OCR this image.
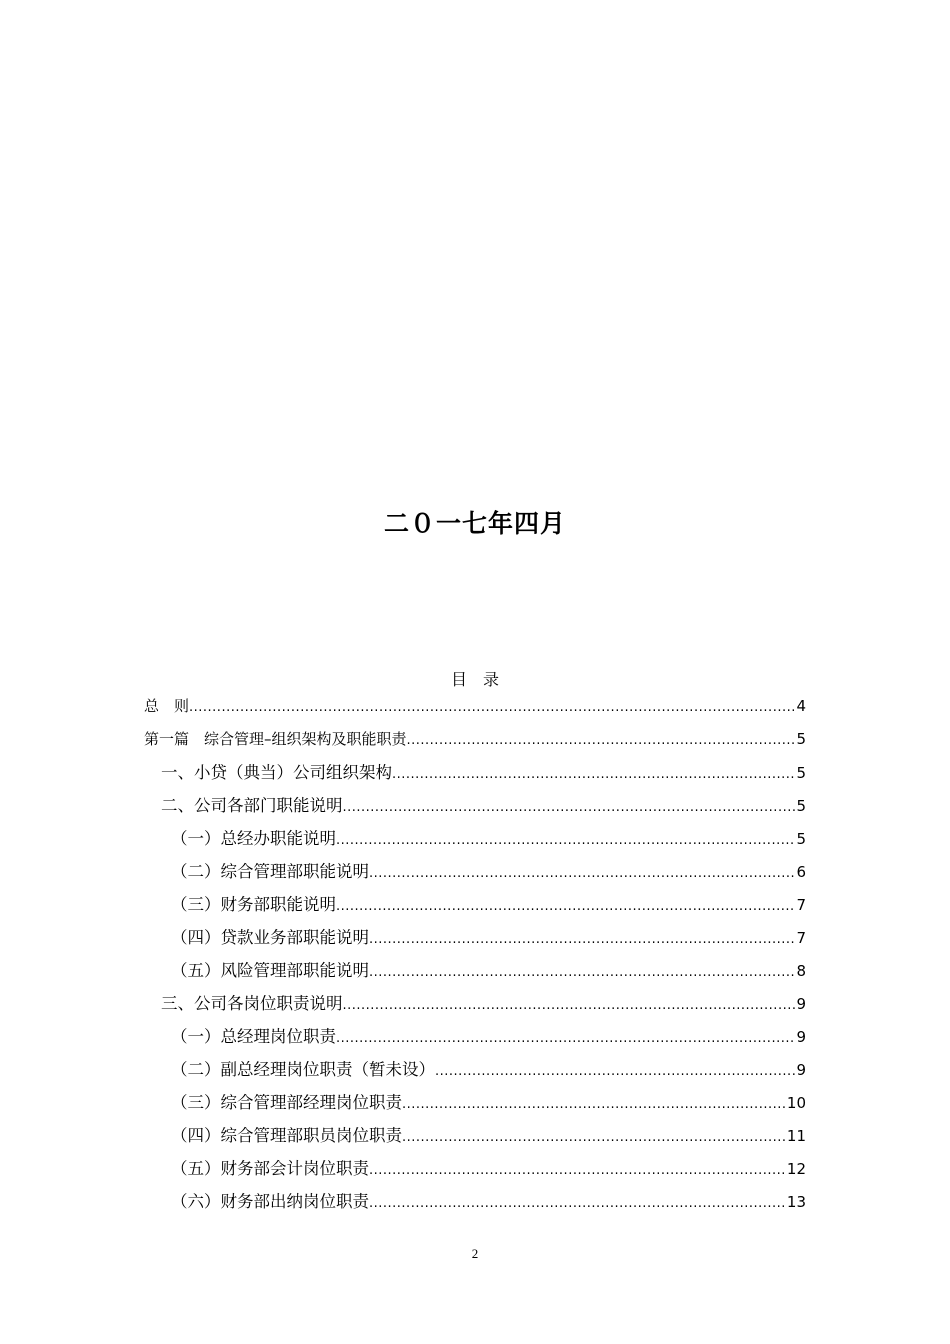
二０一七年四月
目　录
总　则 .....	4
第一篇　综合管理–组织架构及职能职责 .....	5
一、小贷（典当）公司组织架构 .....	5
二、公司各部门职能说明 .....	5
（一）总经办职能说明 .....	5
（二）综合管理部职能说明 .....	6
（三）财务部职能说明 .....	7
（四）贷款业务部职能说明 .....	7
（五）风险管理部职能说明 .....	8
三、公司各岗位职责说明 .....	9
（一）总经理岗位职责 .....	9
（二）副总经理岗位职责（暂未设） .....	9
（三）综合管理部经理岗位职责 .....	10
（四）综合管理部职员岗位职责 .....	11
（五）财务部会计岗位职责 .....	12
（六）财务部出纳岗位职责 .....	13
2
